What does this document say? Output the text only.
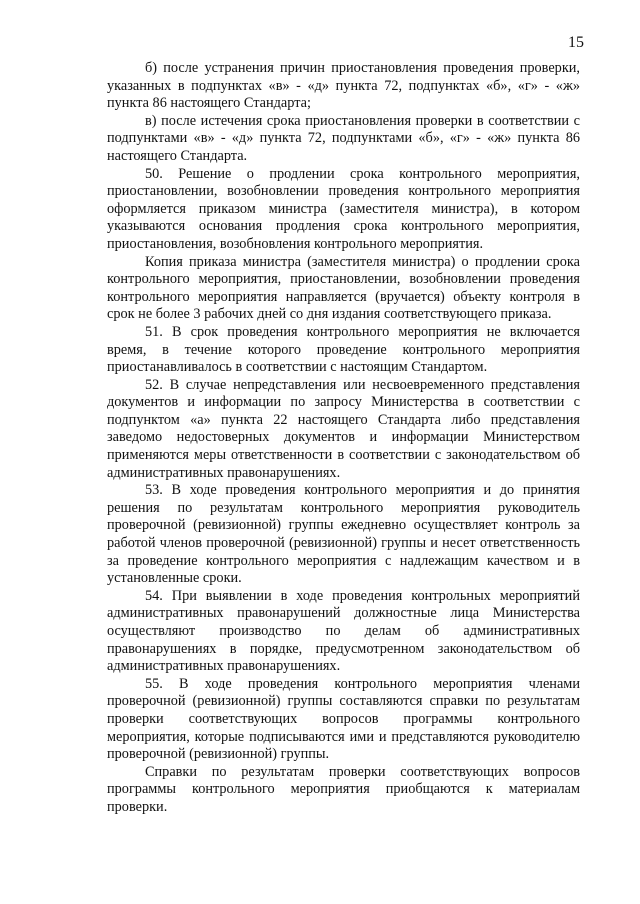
15

б) после устранения причин приостановления проведения проверки, указанных в подпунктах «в» - «д» пункта 72, подпунктах «б», «г» - «ж» пункта 86 настоящего Стандарта;

в) после истечения срока приостановления проверки в соответствии с подпунктами «в» - «д» пункта 72, подпунктами «б», «г» - «ж» пункта 86 настоящего Стандарта.

50. Решение о продлении срока контрольного мероприятия, приостановлении, возобновлении проведения контрольного мероприятия оформляется приказом министра (заместителя министра), в котором указываются основания продления срока контрольного мероприятия, приостановления, возобновления контрольного мероприятия.

Копия приказа министра (заместителя министра) о продлении срока контрольного мероприятия, приостановлении, возобновлении проведения контрольного мероприятия направляется (вручается) объекту контроля в срок не более 3 рабочих дней со дня издания соответствующего приказа.

51. В срок проведения контрольного мероприятия не включается время, в течение которого проведение контрольного мероприятия приостанавливалось в соответствии с настоящим Стандартом.

52. В случае непредставления или несвоевременного представления документов и информации по запросу Министерства в соответствии с подпунктом «а» пункта 22 настоящего Стандарта либо представления заведомо недостоверных документов и информации Министерством применяются меры ответственности в соответствии с законодательством об административных правонарушениях.

53. В ходе проведения контрольного мероприятия и до принятия решения по результатам контрольного мероприятия руководитель проверочной (ревизионной) группы ежедневно осуществляет контроль за работой членов проверочной (ревизионной) группы и несет ответственность за проведение контрольного мероприятия с надлежащим качеством и в установленные сроки.

54. При выявлении в ходе проведения контрольных мероприятий административных правонарушений должностные лица Министерства осуществляют производство по делам об административных правонарушениях в порядке, предусмотренном законодательством об административных правонарушениях.

55. В ходе проведения контрольного мероприятия членами проверочной (ревизионной) группы составляются справки по результатам проверки соответствующих вопросов программы контрольного мероприятия, которые подписываются ими и представляются руководителю проверочной (ревизионной) группы.

Справки по результатам проверки соответствующих вопросов программы контрольного мероприятия приобщаются к материалам проверки.
